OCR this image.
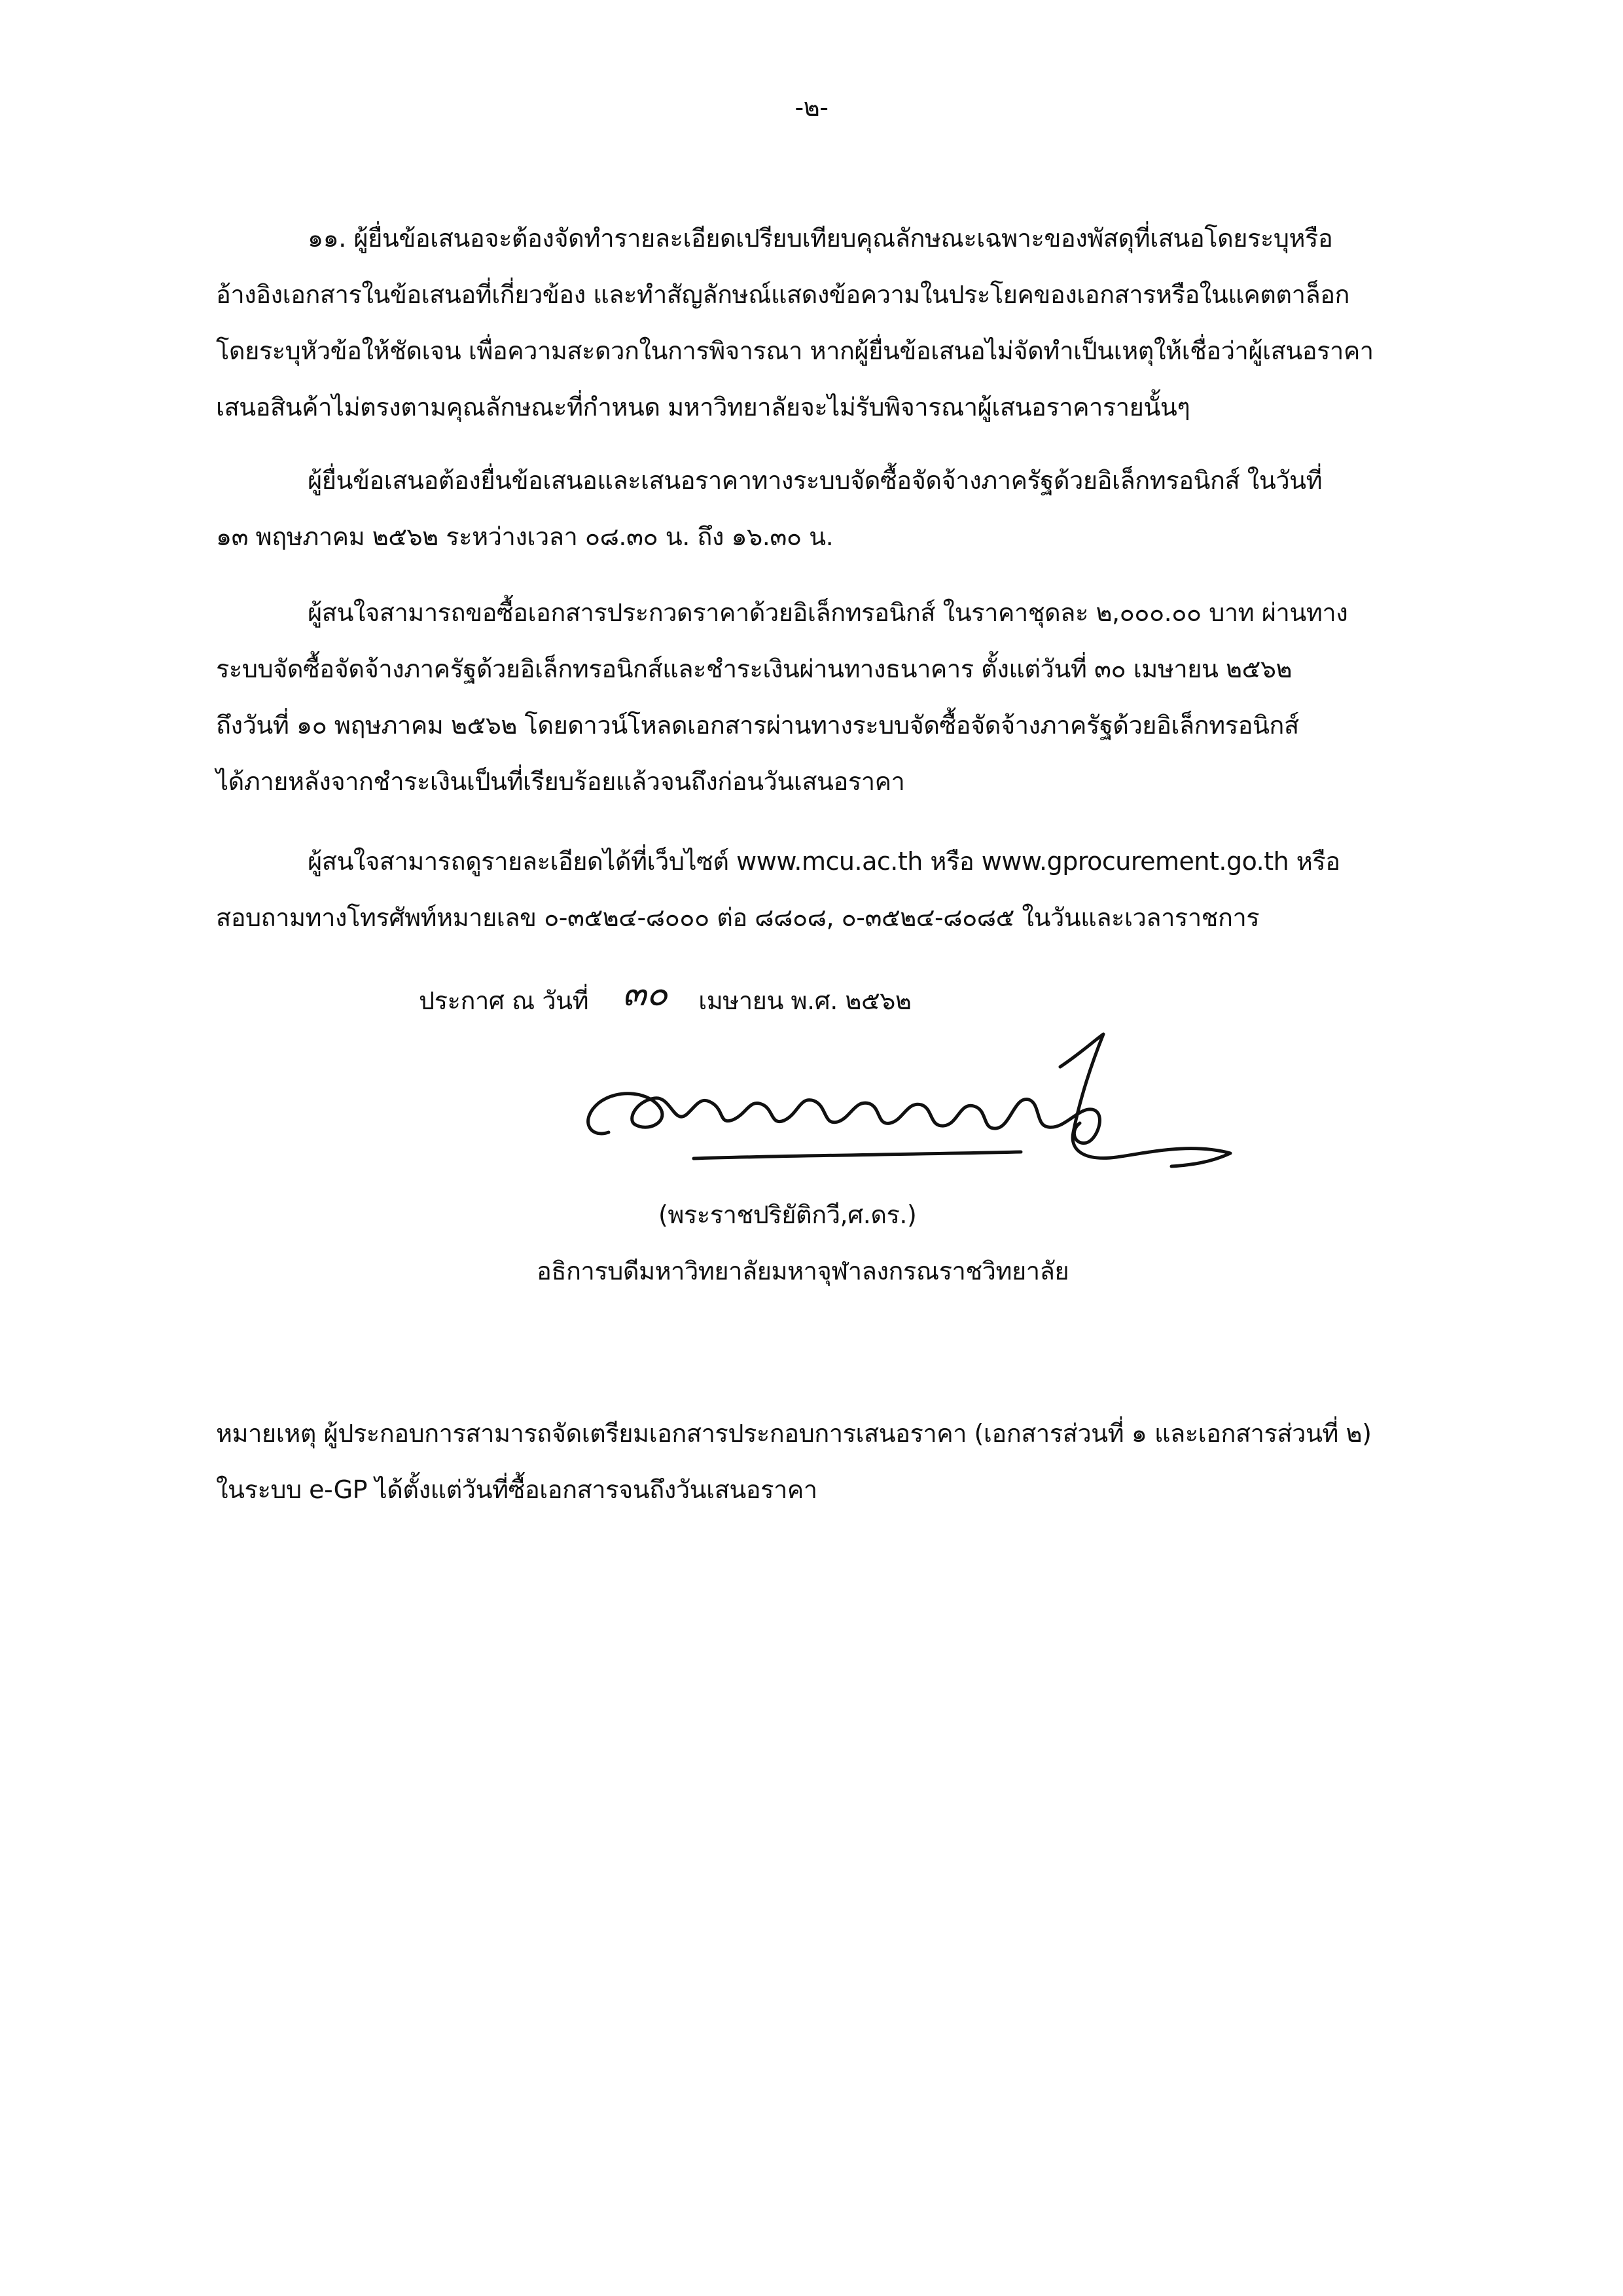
-๒-
๑๑. ผู้ยื่นข้อเสนอจะต้องจัดทำรายละเอียดเปรียบเทียบคุณลักษณะเฉพาะของพัสดุที่เสนอโดยระบุหรือ
อ้างอิงเอกสารในข้อเสนอที่เกี่ยวข้อง และทำสัญลักษณ์แสดงข้อความในประโยคของเอกสารหรือในแคตตาล็อก
โดยระบุหัวข้อให้ชัดเจน เพื่อความสะดวกในการพิจารณา หากผู้ยื่นข้อเสนอไม่จัดทำเป็นเหตุให้เชื่อว่าผู้เสนอราคา
เสนอสินค้าไม่ตรงตามคุณลักษณะที่กำหนด มหาวิทยาลัยจะไม่รับพิจารณาผู้เสนอราคารายนั้นๆ
ผู้ยื่นข้อเสนอต้องยื่นข้อเสนอและเสนอราคาทางระบบจัดซื้อจัดจ้างภาครัฐด้วยอิเล็กทรอนิกส์ ในวันที่
๑๓ พฤษภาคม ๒๕๖๒ ระหว่างเวลา ๐๘.๓๐ น. ถึง ๑๖.๓๐ น.
ผู้สนใจสามารถขอซื้อเอกสารประกวดราคาด้วยอิเล็กทรอนิกส์ ในราคาชุดละ ๒,๐๐๐.๐๐ บาท ผ่านทาง
ระบบจัดซื้อจัดจ้างภาครัฐด้วยอิเล็กทรอนิกส์และชำระเงินผ่านทางธนาคาร ตั้งแต่วันที่ ๓๐ เมษายน ๒๕๖๒
ถึงวันที่ ๑๐ พฤษภาคม ๒๕๖๒ โดยดาวน์โหลดเอกสารผ่านทางระบบจัดซื้อจัดจ้างภาครัฐด้วยอิเล็กทรอนิกส์
ได้ภายหลังจากชำระเงินเป็นที่เรียบร้อยแล้วจนถึงก่อนวันเสนอราคา
ผู้สนใจสามารถดูรายละเอียดได้ที่เว็บไซต์ www.mcu.ac.th หรือ www.gprocurement.go.th หรือ
สอบถามทางโทรศัพท์หมายเลข ๐-๓๕๒๔-๘๐๐๐ ต่อ ๘๘๐๘, ๐-๓๕๒๔-๘๐๘๕ ในวันและเวลาราชการ
ประกาศ ณ วันที่ ๓๐ เมษายน พ.ศ. ๒๕๖๒
(พระราชปริยัติกวี,ศ.ดร.)
อธิการบดีมหาวิทยาลัยมหาจุฬาลงกรณราชวิทยาลัย
หมายเหตุ ผู้ประกอบการสามารถจัดเตรียมเอกสารประกอบการเสนอราคา (เอกสารส่วนที่ ๑ และเอกสารส่วนที่ ๒)
ในระบบ e-GP ได้ตั้งแต่วันที่ซื้อเอกสารจนถึงวันเสนอราคา
